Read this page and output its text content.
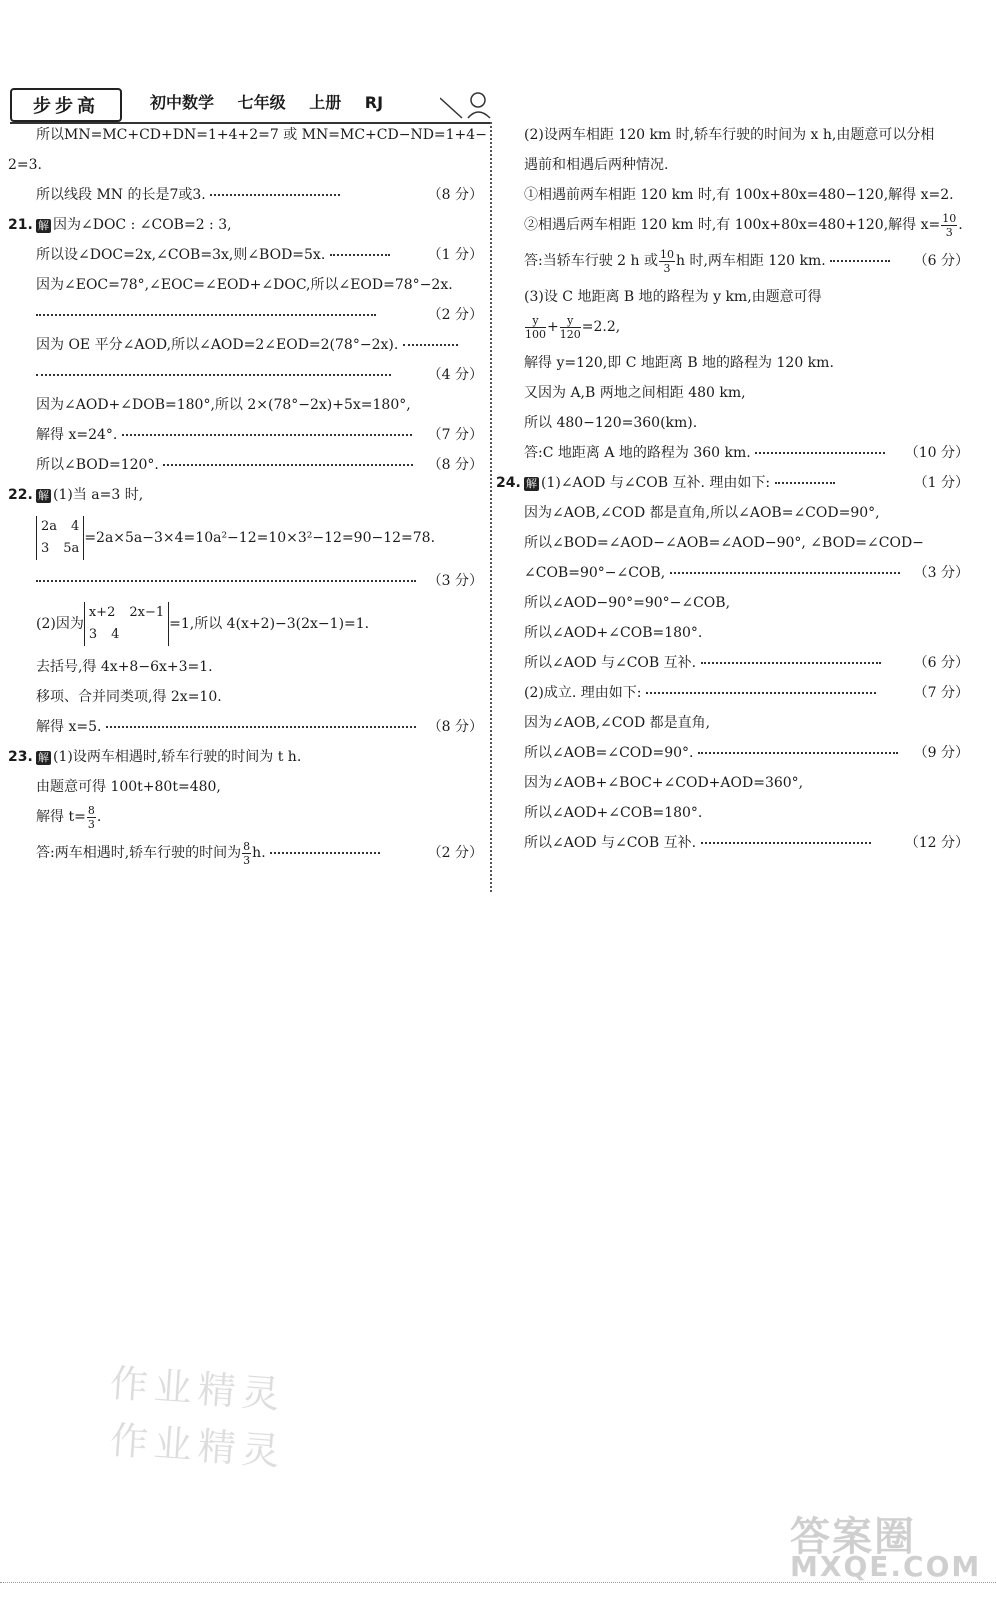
步步高	初中数学 七年级 上册 RJ
所以MN=MC+CD+DN=1+4+2=7 或 MN=MC+CD−ND=1+4−
2=3.
所以线段 MN 的长是7或3.	（8 分）
21. 解 因为∠DOC : ∠COB=2 : 3,
所以设∠DOC=2x,∠COB=3x,则∠BOD=5x.	（1 分）
因为∠EOC=78°,∠EOC=∠EOD+∠DOC,所以∠EOD=78°−2x.
（2 分）
因为 OE 平分∠AOD,所以∠AOD=2∠EOD=2(78°−2x).
（4 分）
因为∠AOD+∠DOB=180°,所以 2×(78°−2x)+5x=180°,
解得 x=24°.	（7 分）
所以∠BOD=120°.	（8 分）
22. 解 (1)当 a=3 时,
2a 4
3 5a
=2a×5a−3×4=10a²−12=10×3²−12=90−12=78.
（3 分）
(2)因为
x+2 2x−1
3 4
=1,所以 4(x+2)−3(2x−1)=1.
去括号,得 4x+8−6x+3=1.
移项、合并同类项,得 2x=10.
解得 x=5.	（8 分）
23. 解 (1)设两车相遇时,轿车行驶的时间为 t h.
由题意可得 100t+80t=480,
解得 $t= \frac{8}{3}$ .
答:两车相遇时,轿车行驶的时间为 $\frac{8}{3} h$.	（2 分）
(2)设两车相距 120 km 时,轿车行驶的时间为 x h,由题意可以分相
遇前和相遇后两种情况.
①相遇前两车相距 120 km 时,有 100x+80x=480−120,解得 x=2.
②相遇后两车相距 120 km 时,有 100x+80x=480+120,解得 $x= \frac{10}{3}$ .
答:当轿车行驶 2 h 或 $\frac{10}{3}$ h 时,两车相距 120 km.	（6 分）
(3)设 C 地距离 B 地的路程为 y km,由题意可得
$\frac{y}{100} + \frac{y}{120} =2.2$,
解得 y=120,即 C 地距离 B 地的路程为 120 km.
又因为 A,B 两地之间相距 480 km,
所以 480−120=360(km).
答:C 地距离 A 地的路程为 360 km.	（10 分）
24. 解 (1)∠AOD 与∠COB 互补. 理由如下:	（1 分）
因为∠AOB,∠COD 都是直角,所以∠AOB=∠COD=90°,
所以∠BOD=∠AOD−∠AOB=∠AOD−90°, ∠BOD=∠COD−
∠COB=90°−∠COB,	（3 分）
所以∠AOD−90°=90°−∠COB,
所以∠AOD+∠COB=180°.
所以∠AOD 与∠COB 互补.	（6 分）
(2)成立. 理由如下:	（7 分）
因为∠AOB,∠COD 都是直角,
所以∠AOB=∠COD=90°.	（9 分）
因为∠AOB+∠BOC+∠COD+AOD=360°,
所以∠AOD+∠COB=180°.
所以∠AOD 与∠COB 互补.	（12 分）
作业精灵
作业精灵
答案圈
MXQE.COM
